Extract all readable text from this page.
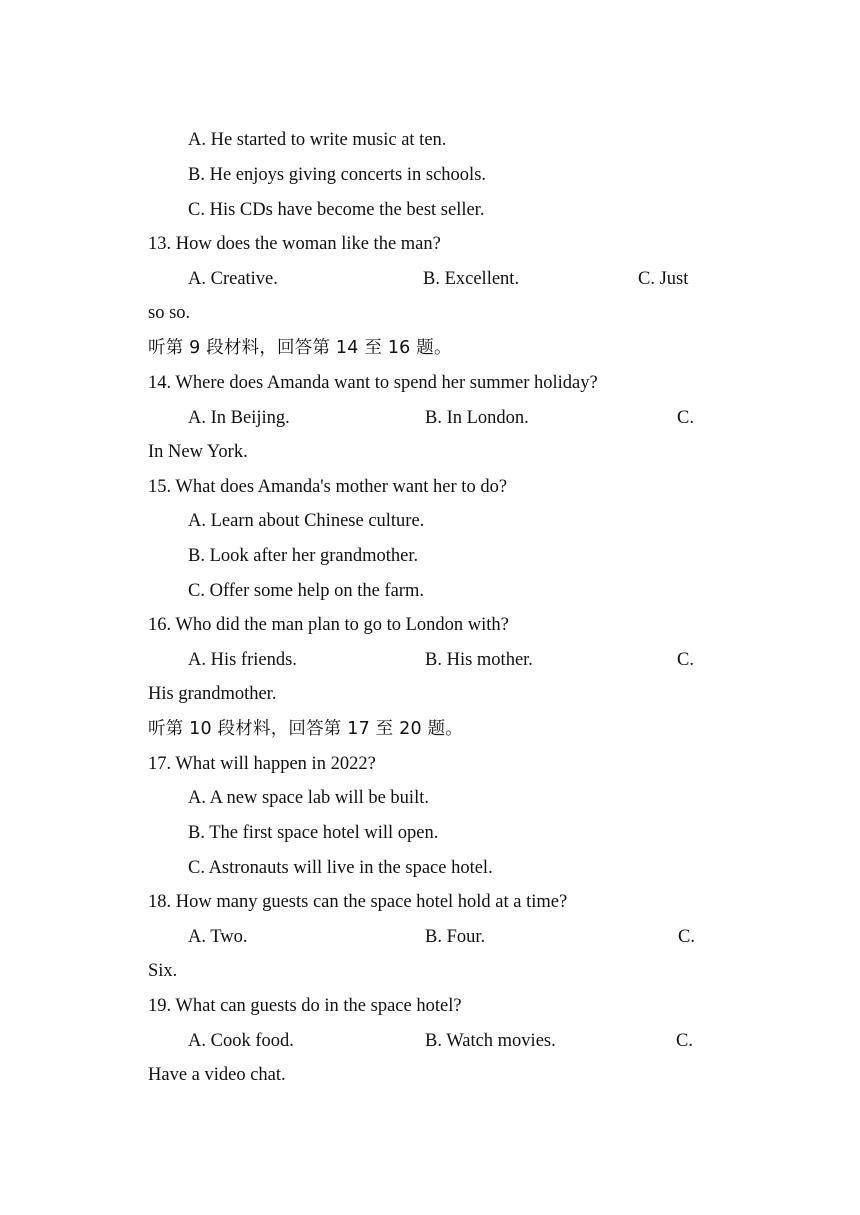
A. He started to write music at ten.
B. He enjoys giving concerts in schools.
C. His CDs have become the best seller.
13. How does the woman like the man?
A. Creative.	B. Excellent.	C. Just
so so.
听第 9 段材料，回答第 14 至 16 题。
14. Where does Amanda want to spend her summer holiday?
A. In Beijing.	B. In London.	C.
In New York.
15. What does Amanda's mother want her to do?
A. Learn about Chinese culture.
B. Look after her grandmother.
C. Offer some help on the farm.
16. Who did the man plan to go to London with?
A. His friends.	B. His mother.	C.
His grandmother.
听第 10 段材料，回答第 17 至 20 题。
17. What will happen in 2022?
A. A new space lab will be built.
B. The first space hotel will open.
C. Astronauts will live in the space hotel.
18. How many guests can the space hotel hold at a time?
A. Two.	B. Four.	C.
Six.
19. What can guests do in the space hotel?
A. Cook food.	B. Watch movies.	C.
Have a video chat.
